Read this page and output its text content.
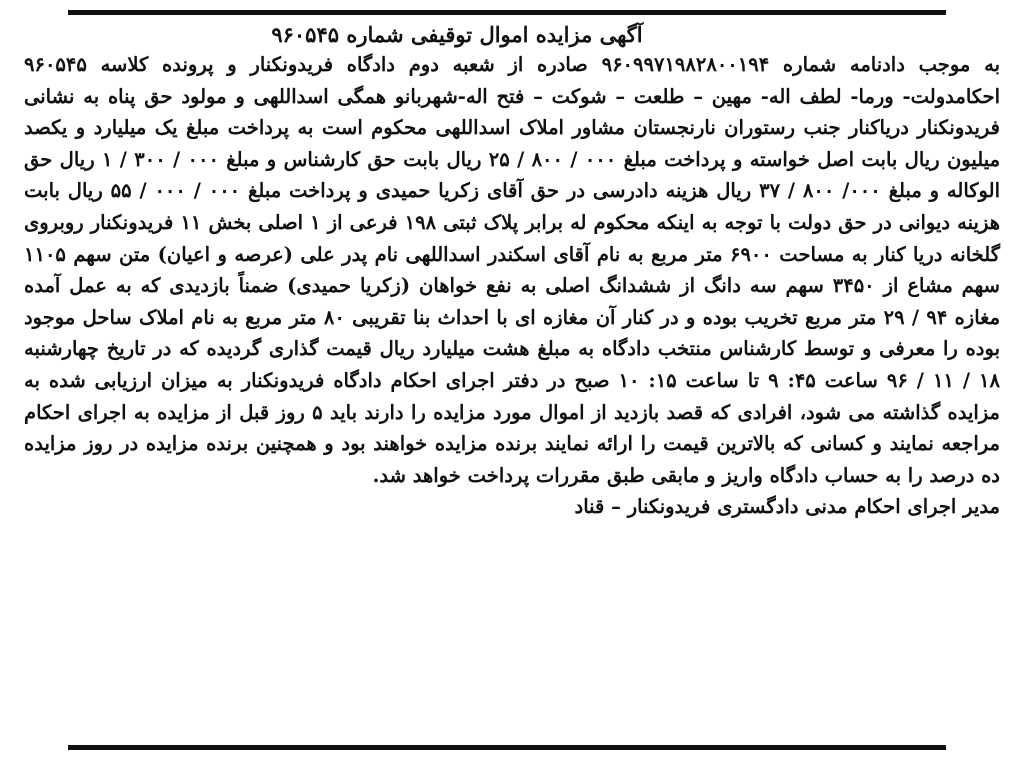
آگهی مزایده اموال توقیفی شماره ۹۶۰۵۴۵

به موجب دادنامه شماره ۹۶۰۹۹۷۱۹۸۲۸۰۰۱۹۴ صادره از شعبه دوم دادگاه فریدونکنار و پرونده کلاسه ۹۶۰۵۴۵ احکامدولت- ورما- لطف اله- مهین – طلعت – شوکت – فتح اله-شهربانو همگی اسداللهی و مولود حق پناه به نشانی فریدونکنار دریاکنار جنب رستوران نارنجستان مشاور املاک اسداللهی محکوم است به پرداخت مبلغ یک میلیارد و یکصد میلیون ریال بابت اصل خواسته و پرداخت مبلغ ۰۰۰ / ۸۰۰ / ۲۵ ریال بابت حق کارشناس و مبلغ ۰۰۰ / ۳۰۰ / ۱ ریال حق الوکاله و مبلغ ۰۰۰/ ۸۰۰ / ۳۷ ریال هزینه دادرسی در حق آقای زکریا حمیدی و پرداخت مبلغ ۰۰۰ / ۰۰۰ / ۵۵ ریال بابت هزینه دیوانی در حق دولت با توجه به اینکه محکوم له برابر پلاک ثبتی ۱۹۸ فرعی از ۱ اصلی بخش ۱۱ فریدونکنار روبروی گلخانه دریا کنار به مساحت ۶۹۰۰ متر مربع به نام آقای اسکندر اسداللهی نام پدر علی (عرصه و اعیان) متن سهم ۱۱۰۵ سهم مشاع از ۳۴۵۰ سهم سه دانگ از ششدانگ اصلی به نفع خواهان (زکریا حمیدی) ضمناً بازدیدی که به عمل آمده مغازه ۹۴ / ۲۹ متر مربع تخریب بوده و در کنار آن مغازه ای با احداث بنا تقریبی ۸۰ متر مربع به نام املاک ساحل موجود بوده را معرفی و توسط کارشناس منتخب دادگاه به مبلغ هشت میلیارد ریال قیمت گذاری گردیده که در تاریخ چهارشنبه ۱۸ / ۱۱ / ۹۶ ساعت ۴۵: ۹ تا ساعت ۱۵: ۱۰ صبح در دفتر اجرای احکام دادگاه فریدونکنار به میزان ارزیابی شده به مزایده گذاشته می شود، افرادی که قصد بازدید از اموال مورد مزایده را دارند باید ۵ روز قبل از مزایده به اجرای احکام مراجعه نمایند و کسانی که بالاترین قیمت را ارائه نمایند برنده مزایده خواهند بود و همچنین برنده مزایده در روز مزایده ده درصد را به حساب دادگاه واریز و مابقی طبق مقررات پرداخت خواهد شد.

مدیر اجرای احکام مدنی دادگستری فریدونکنار – قناد
